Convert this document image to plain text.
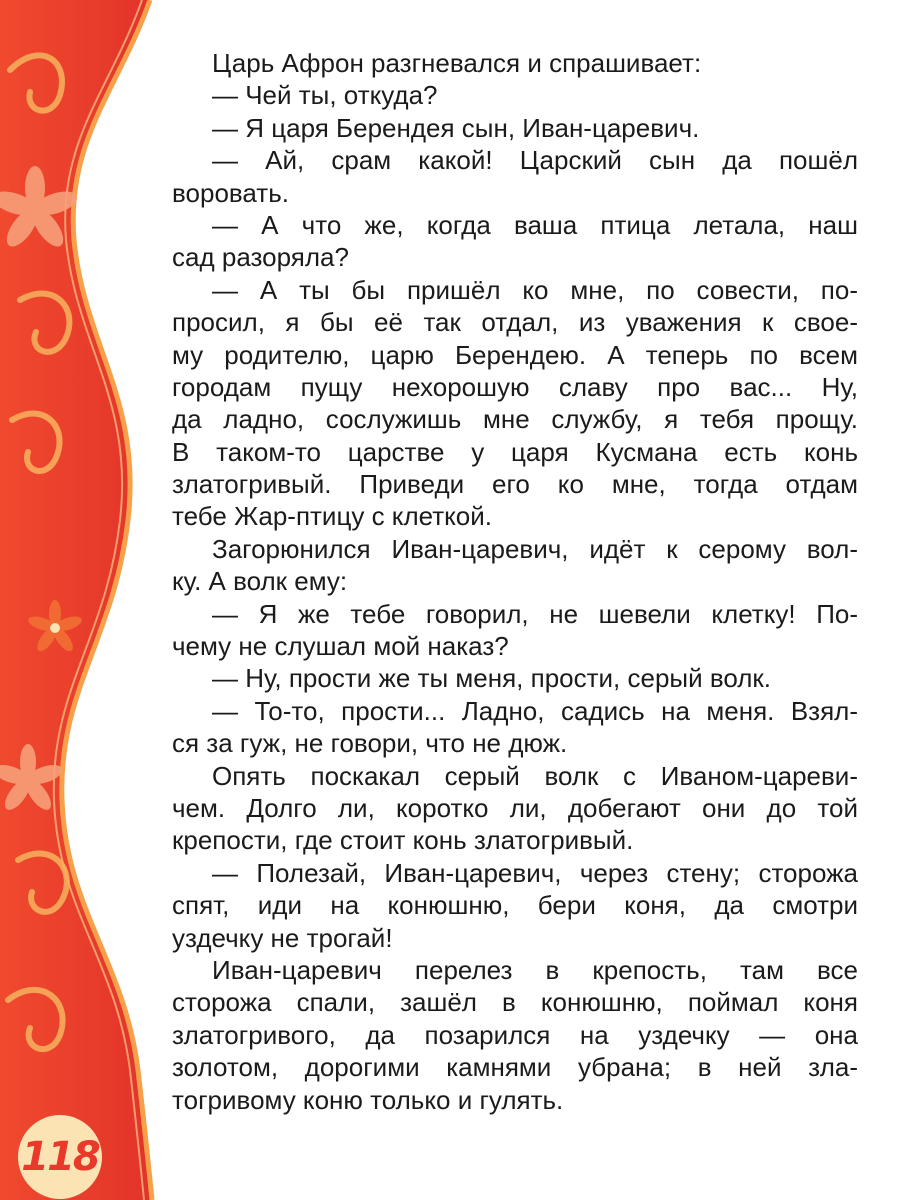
118
Царь Афрон разгневался и спрашивает:
— Чей ты, откуда?
— Я царя Берендея сын, Иван-царевич.
— Ай, срам какой! Царский сын да пошёл
воровать.
— А что же, когда ваша птица летала, наш
сад разоряла?
— А ты бы пришёл ко мне, по совести, по-
просил, я бы её так отдал, из уважения к свое-
му родителю, царю Берендею. А теперь по всем
городам пущу нехорошую славу про вас... Ну,
да ладно, сослужишь мне службу, я тебя прощу.
В таком-то царстве у царя Кусмана есть конь
златогривый. Приведи его ко мне, тогда отдам
тебе Жар-птицу с клеткой.
Загорюнился Иван-царевич, идёт к серому вол-
ку. А волк ему:
— Я же тебе говорил, не шевели клетку! По-
чему не слушал мой наказ?
— Ну, прости же ты меня, прости, серый волк.
— То-то, прости... Ладно, садись на меня. Взял-
ся за гуж, не говори, что не дюж.
Опять поскакал серый волк с Иваном-цареви-
чем. Долго ли, коротко ли, добегают они до той
крепости, где стоит конь златогривый.
— Полезай, Иван-царевич, через стену; сторожа
спят, иди на конюшню, бери коня, да смотри
уздечку не трогай!
Иван-царевич перелез в крепость, там все
сторожа спали, зашёл в конюшню, поймал коня
златогривого, да позарился на уздечку — она
золотом, дорогими камнями убрана; в ней зла-
тогривому коню только и гулять.
